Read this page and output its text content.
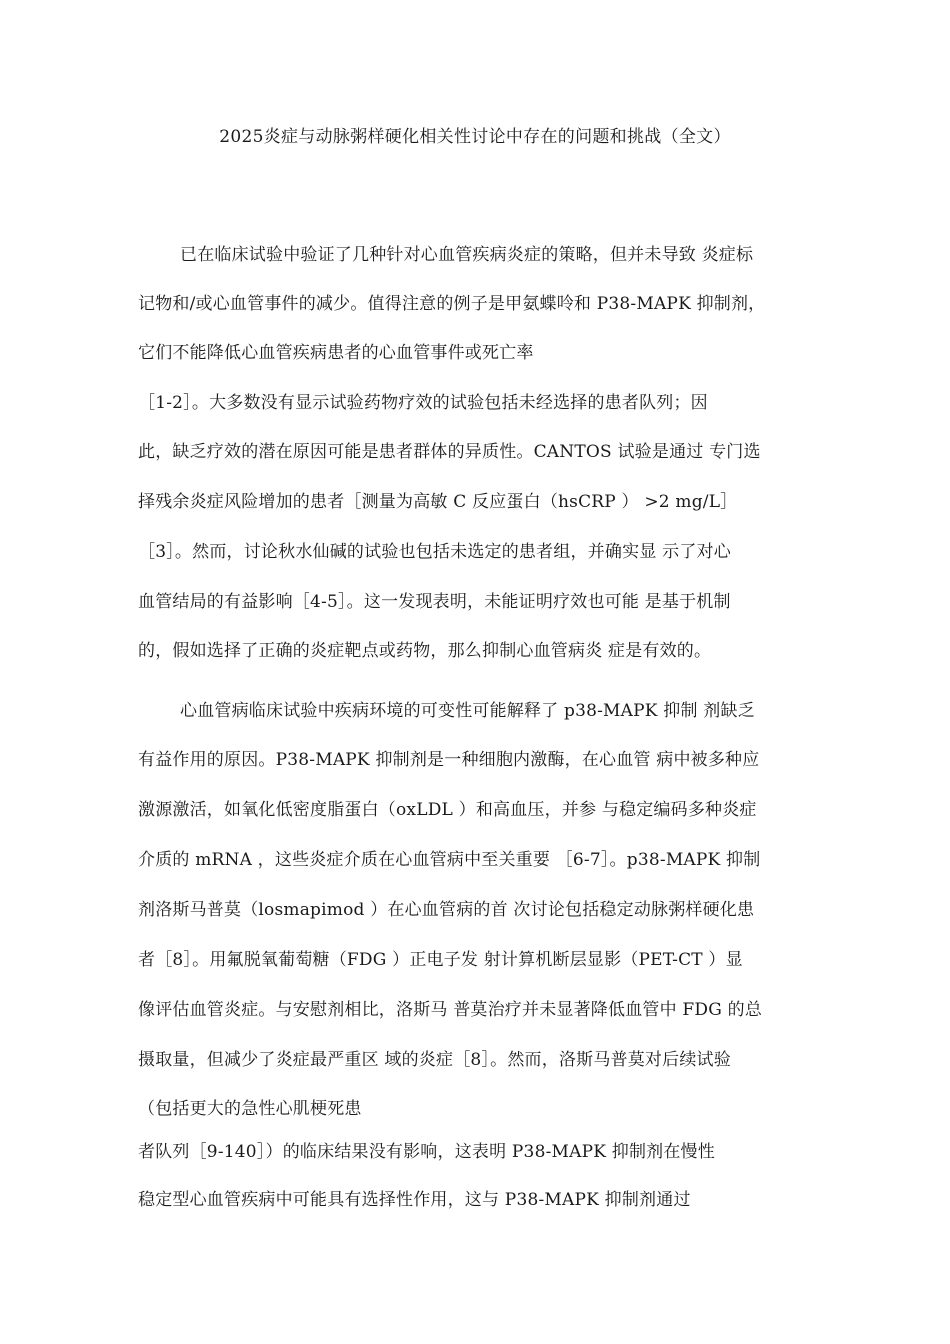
2025炎症与动脉粥样硬化相关性讨论中存在的问题和挑战（全文）
已在临床试验中验证了几种针对心血管疾病炎症的策略，但并未导致 炎症标
记物和/或心血管事件的减少。值得注意的例子是甲氨蝶呤和 P38-MAPK 抑制剂，
它们不能降低心血管疾病患者的心血管事件或死亡率
［1-2］。大多数没有显示试验药物疗效的试验包括未经选择的患者队列；因
此，缺乏疗效的潜在原因可能是患者群体的异质性。CANTOS 试验是通过 专门选
择残余炎症风险增加的患者［测量为高敏 C 反应蛋白（hsCRP ） >2 mg/L］
［3］。然而，讨论秋水仙碱的试验也包括未选定的患者组，并确实显 示了对心
血管结局的有益影响［4-5］。这一发现表明，未能证明疗效也可能 是基于机制
的，假如选择了正确的炎症靶点或药物，那么抑制心血管病炎 症是有效的。
心血管病临床试验中疾病环境的可变性可能解释了 p38-MAPK 抑制 剂缺乏
有益作用的原因。P38-MAPK 抑制剂是一种细胞内激酶，在心血管 病中被多种应
激源激活，如氧化低密度脂蛋白（oxLDL ）和高血压，并参 与稳定编码多种炎症
介质的 mRNA ，这些炎症介质在心血管病中至关重要 ［6-7］。p38-MAPK 抑制
剂洛斯马普莫（losmapimod ）在心血管病的首 次讨论包括稳定动脉粥样硬化患
者［8］。用氟脱氧葡萄糖（FDG ）正电子发 射计算机断层显影（PET-CT ）显
像评估血管炎症。与安慰剂相比，洛斯马 普莫治疗并未显著降低血管中 FDG 的总
摄取量，但减少了炎症最严重区 域的炎症［8］。然而，洛斯马普莫对后续试验
（包括更大的急性心肌梗死患
者队列［9-140］）的临床结果没有影响，这表明 P38-MAPK 抑制剂在慢性
稳定型心血管疾病中可能具有选择性作用，这与 P38-MAPK 抑制剂通过
